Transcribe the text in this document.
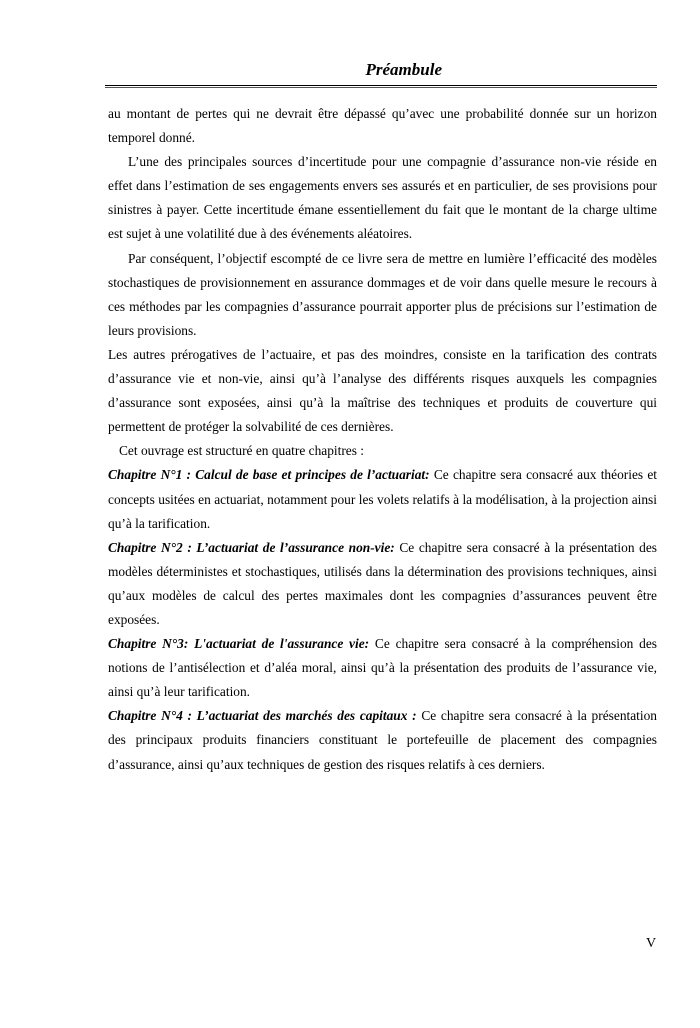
Préambule

au montant de pertes qui ne devrait être dépassé qu’avec une probabilité donnée sur un horizon temporel donné.

L’une des principales sources d’incertitude pour une compagnie d’assurance non-vie réside en effet dans l’estimation de ses engagements envers ses assurés et en particulier, de ses provisions pour sinistres à payer. Cette incertitude émane essentiellement du fait que le montant de la charge ultime est sujet à une volatilité due à des événements aléatoires.

Par conséquent, l’objectif escompté de ce livre sera de mettre en lumière l’efficacité des modèles stochastiques de provisionnement en assurance dommages et de voir dans quelle mesure le recours à ces méthodes par les compagnies d’assurance pourrait apporter plus de précisions sur l’estimation de leurs provisions.

Les autres prérogatives de l’actuaire, et pas des moindres, consiste en la tarification des contrats d’assurance vie et non-vie, ainsi qu’à l’analyse des différents risques auxquels les compagnies d’assurance sont exposées, ainsi qu’à la maîtrise des techniques et produits de couverture qui permettent de protéger la solvabilité de ces dernières.

Cet ouvrage est structuré en quatre chapitres :

Chapitre N°1 : Calcul de base et principes de l’actuariat: Ce chapitre sera consacré aux théories et concepts usitées en actuariat, notamment pour les volets relatifs à la modélisation, à la projection ainsi qu’à la tarification.

Chapitre N°2 : L’actuariat de l’assurance non-vie: Ce chapitre sera consacré à la présentation des modèles déterministes et stochastiques, utilisés dans la détermination des provisions techniques, ainsi qu’aux modèles de calcul des pertes maximales dont les compagnies d’assurances peuvent être exposées.

Chapitre N°3: L'actuariat de l'assurance vie: Ce chapitre sera consacré à la compréhension des notions de l’antisélection et d’aléa moral, ainsi qu’à la présentation des produits de l’assurance vie, ainsi qu’à leur tarification.

Chapitre N°4 : L’actuariat des marchés des capitaux : Ce chapitre sera consacré à la présentation des principaux produits financiers constituant le portefeuille de placement des compagnies d’assurance, ainsi qu’aux techniques de gestion des risques relatifs à ces derniers.

V
